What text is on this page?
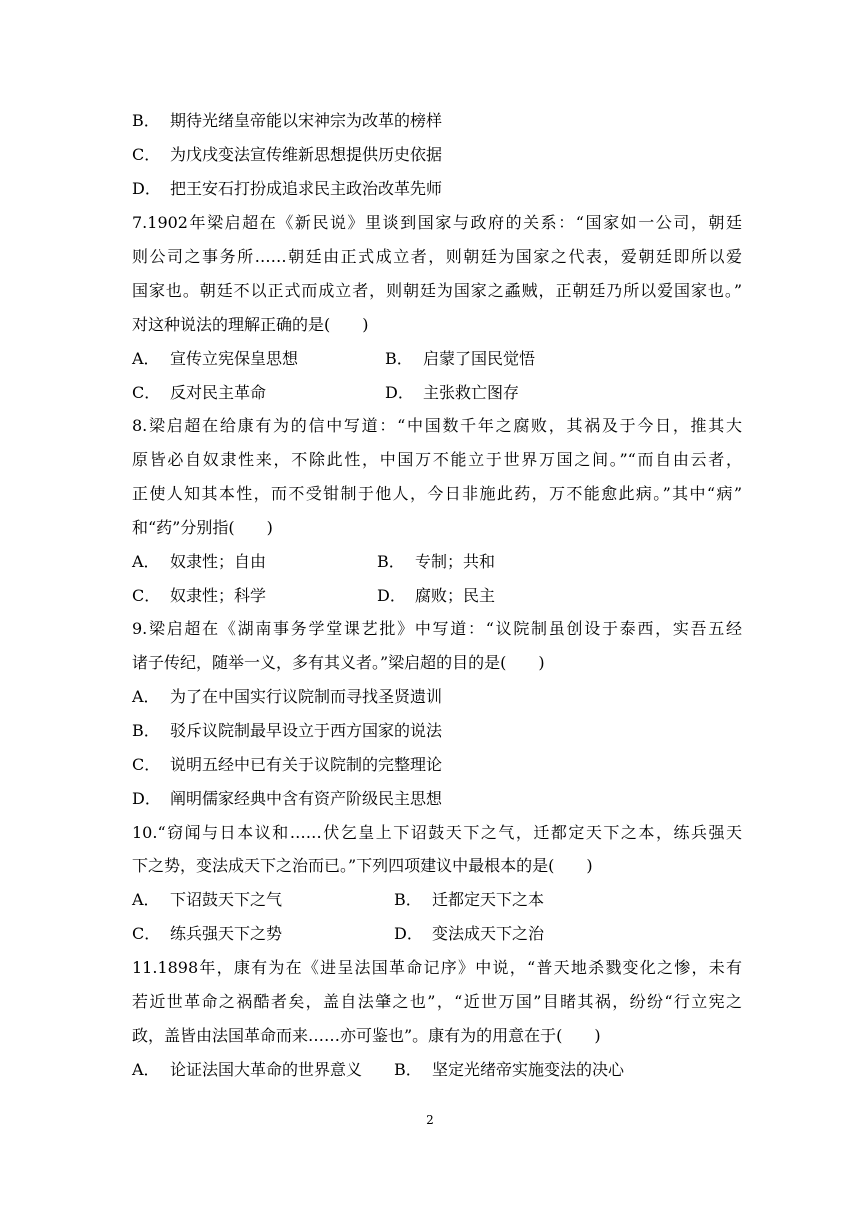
B． 期待光绪皇帝能以宋神宗为改革的榜样
C． 为戊戌变法宣传维新思想提供历史依据
D． 把王安石打扮成追求民主政治改革先师
7.1902年梁启超在《新民说》里谈到国家与政府的关系：“国家如一公司，朝廷
则公司之事务所……朝廷由正式成立者，则朝廷为国家之代表，爱朝廷即所以爱
国家也。朝廷不以正式而成立者，则朝廷为国家之蟊贼，正朝廷乃所以爱国家也。”
对这种说法的理解正确的是(　　)
A． 宣传立宪保皇思想	B． 启蒙了国民觉悟
C． 反对民主革命	D． 主张救亡图存
8.梁启超在给康有为的信中写道：“中国数千年之腐败，其祸及于今日，推其大
原皆必自奴隶性来，不除此性，中国万不能立于世界万国之间。”“而自由云者，
正使人知其本性，而不受钳制于他人，今日非施此药，万不能愈此病。”其中“病”
和“药”分别指(　　)
A． 奴隶性；自由	B． 专制；共和
C． 奴隶性；科学	D． 腐败；民主
9.梁启超在《湖南事务学堂课艺批》中写道：“议院制虽创设于泰西，实吾五经
诸子传纪，随举一义，多有其义者。”梁启超的目的是(　　)
A． 为了在中国实行议院制而寻找圣贤遗训
B． 驳斥议院制最早设立于西方国家的说法
C． 说明五经中已有关于议院制的完整理论
D． 阐明儒家经典中含有资产阶级民主思想
10.“窃闻与日本议和……伏乞皇上下诏鼓天下之气，迁都定天下之本，练兵强天
下之势，变法成天下之治而已。”下列四项建议中最根本的是(　　)
A． 下诏鼓天下之气	B． 迁都定天下之本
C． 练兵强天下之势	D． 变法成天下之治
11.1898年，康有为在《进呈法国革命记序》中说，“普天地杀戮变化之惨，未有
若近世革命之祸酷者矣，盖自法肇之也”，“近世万国”目睹其祸，纷纷“行立宪之
政，盖皆由法国革命而来……亦可鉴也”。康有为的用意在于(　　)
A． 论证法国大革命的世界意义 B． 坚定光绪帝实施变法的决心
2
